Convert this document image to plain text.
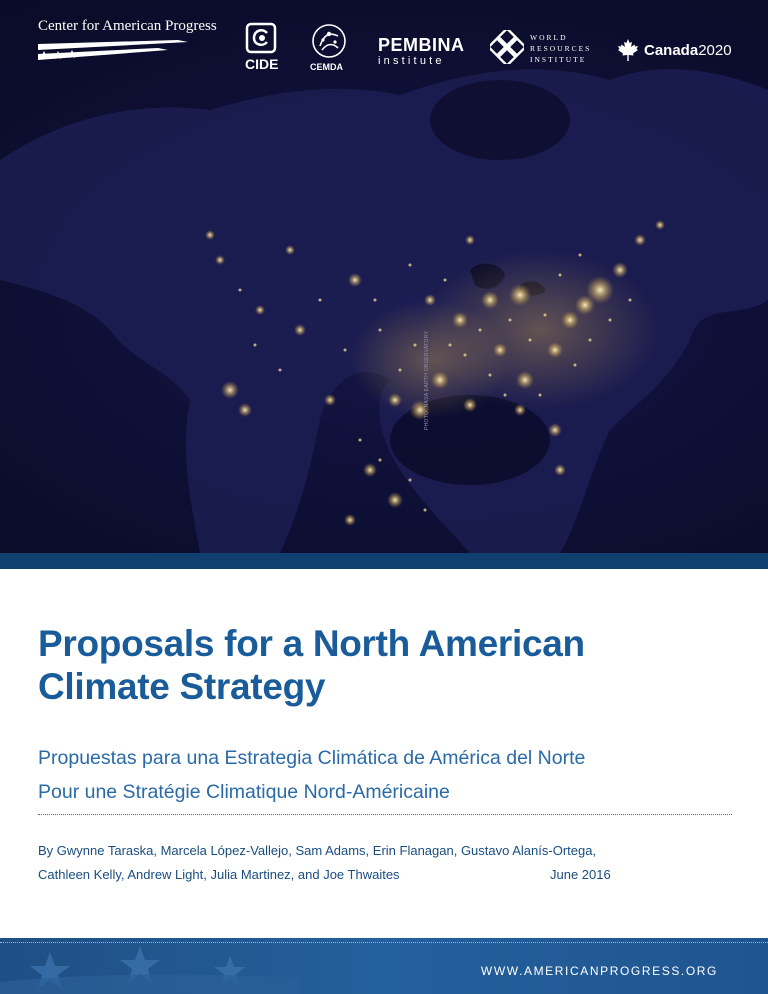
PHOTO: NASA EARTH OBSERVATORY
Center for American Progress
CIDE	CEMDA
PEMBINA
institute
WORLD
RESOURCES
INSTITUTE
Canada2020
Proposals for a North American
Climate Strategy
Propuestas para una Estrategia Climática de América del Norte
Pour une Stratégie Climatique Nord-Américaine
By Gwynne Taraska, Marcela López-Vallejo, Sam Adams, Erin Flanagan, Gustavo Alanís-Ortega,
Cathleen Kelly, Andrew Light, Julia Martinez, and Joe Thwaites	June 2016
WWW.AMERICANPROGRESS.ORG
